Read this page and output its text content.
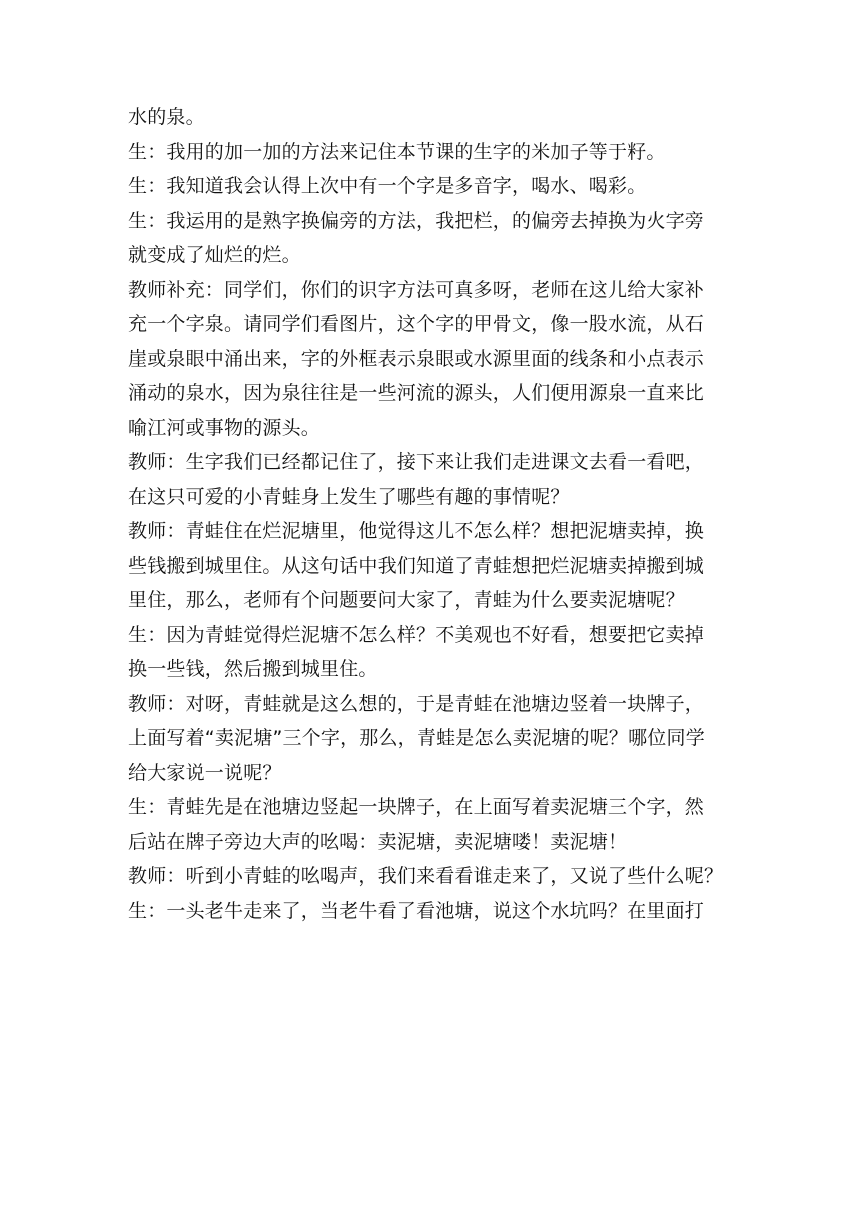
水的泉。
生：我用的加一加的方法来记住本节课的生字的米加子等于籽。
生：我知道我会认得上次中有一个字是多音字，喝水、喝彩。
生：我运用的是熟字换偏旁的方法，我把栏，的偏旁去掉换为火字旁
就变成了灿烂的烂。
教师补充：同学们，你们的识字方法可真多呀，老师在这儿给大家补
充一个字泉。请同学们看图片，这个字的甲骨文，像一股水流，从石
崖或泉眼中涌出来，字的外框表示泉眼或水源里面的线条和小点表示
涌动的泉水，因为泉往往是一些河流的源头，人们便用源泉一直来比
喻江河或事物的源头。
教师：生字我们已经都记住了，接下来让我们走进课文去看一看吧，
在这只可爱的小青蛙身上发生了哪些有趣的事情呢？
教师：青蛙住在烂泥塘里，他觉得这儿不怎么样？想把泥塘卖掉，换
些钱搬到城里住。从这句话中我们知道了青蛙想把烂泥塘卖掉搬到城
里住，那么，老师有个问题要问大家了，青蛙为什么要卖泥塘呢？
生：因为青蛙觉得烂泥塘不怎么样？不美观也不好看，想要把它卖掉
换一些钱，然后搬到城里住。
教师：对呀，青蛙就是这么想的，于是青蛙在池塘边竖着一块牌子，
上面写着“卖泥塘”三个字，那么，青蛙是怎么卖泥塘的呢？哪位同学
给大家说一说呢？
生：青蛙先是在池塘边竖起一块牌子，在上面写着卖泥塘三个字，然
后站在牌子旁边大声的吆喝：卖泥塘，卖泥塘喽！卖泥塘！
教师：听到小青蛙的吆喝声，我们来看看谁走来了，又说了些什么呢？
生：一头老牛走来了，当老牛看了看池塘，说这个水坑吗？在里面打
